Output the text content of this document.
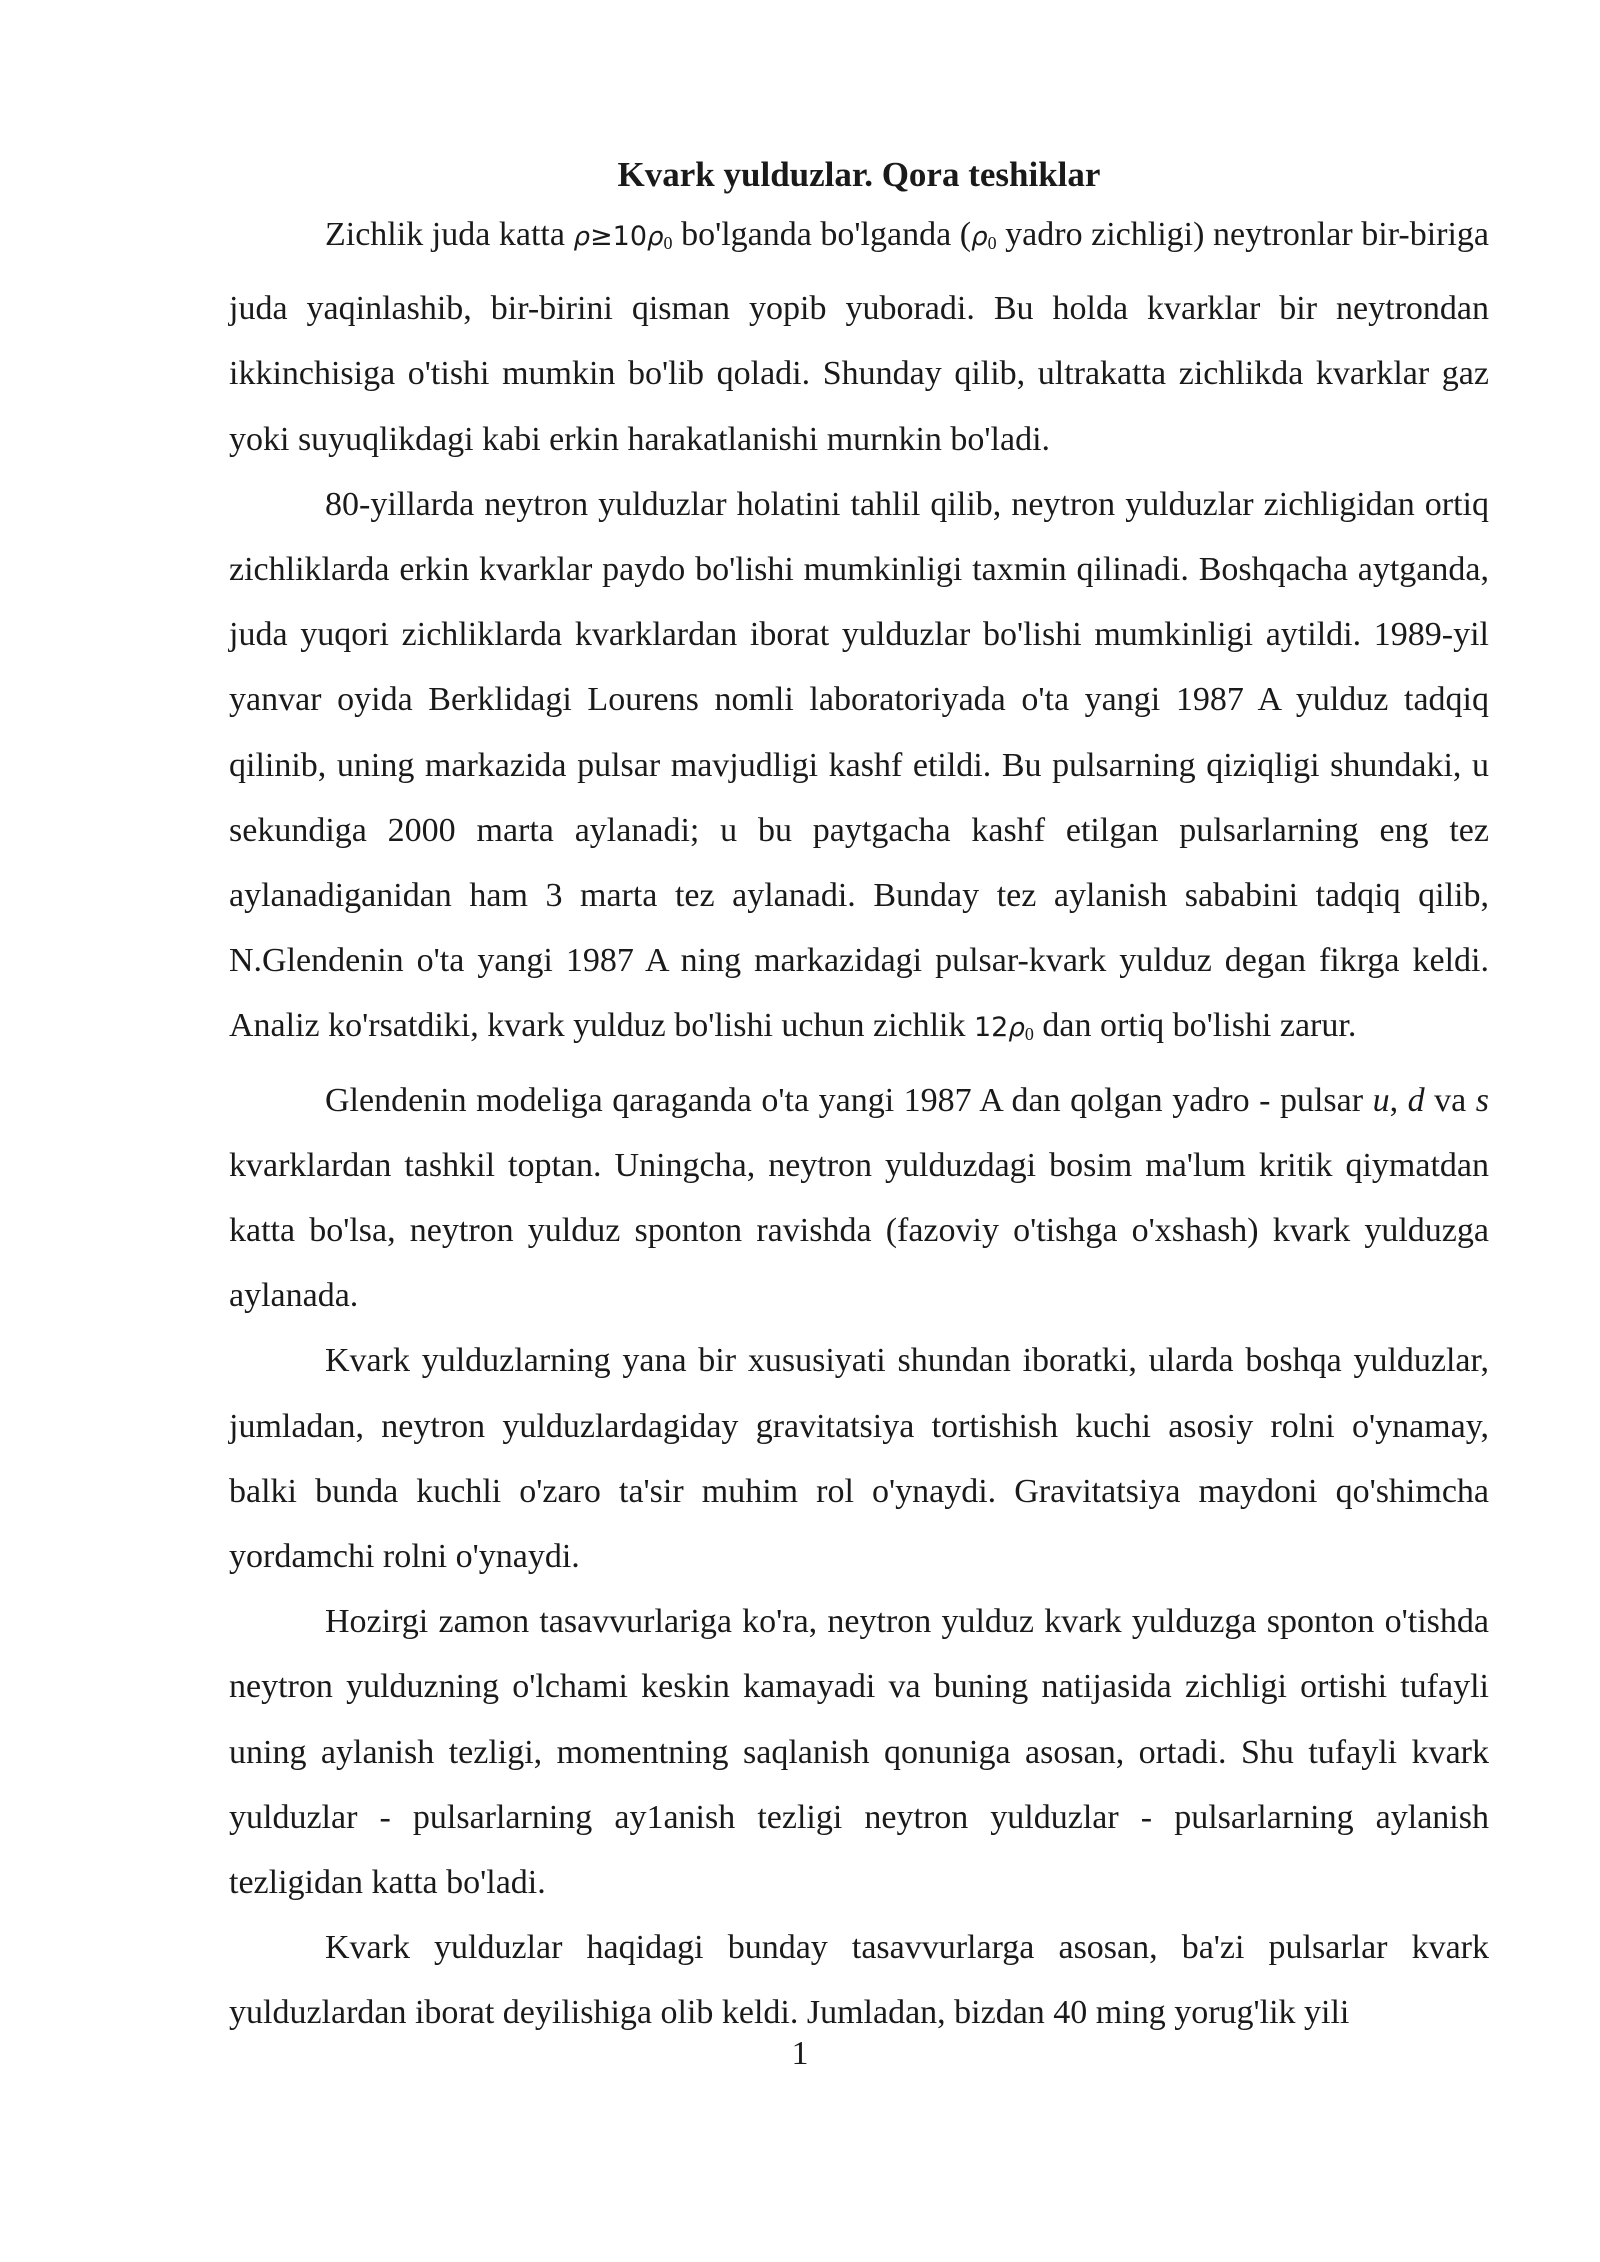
Kvark yulduzlar. Qora teshiklar

Zichlik juda katta $\rho\ge 10\rho_0$ bo'lganda bo'lganda ($\rho_0$ yadro zichligi) neytronlar bir-biriga juda yaqinlashib, bir-birini qisman yopib yuboradi. Bu holda kvarklar bir neytrondan ikkinchisiga o'tishi mumkin bo'lib qoladi. Shunday qilib, ultrakatta zichlikda kvarklar gaz yoki suyuqlikdagi kabi erkin harakatlanishi murnkin bo'ladi.

80-yillarda neytron yulduzlar holatini tahlil qilib, neytron yulduzlar zichligidan ortiq zichliklarda erkin kvarklar paydo bo'lishi mumkinligi taxmin qilinadi. Boshqacha aytganda, juda yuqori zichliklarda kvarklardan iborat yulduzlar bo'lishi mumkinligi aytildi. 1989-yil yanvar oyida Berklidagi Lourens nomli laboratoriyada o'ta yangi 1987 A yulduz tadqiq qilinib, uning markazida pulsar mavjudligi kashf etildi. Bu pulsarning qiziqligi shundaki, u sekundiga 2000 marta aylanadi; u bu paytgacha kashf etilgan pulsarlarning eng tez aylanadiganidan ham 3 marta tez aylanadi. Bunday tez aylanish sababini tadqiq qilib, N.Glendenin o'ta yangi 1987 A ning markazidagi pulsar-kvark yulduz degan fikrga keldi. Analiz ko'rsatdiki, kvark yulduz bo'lishi uchun zichlik $12\rho_0$ dan ortiq bo'lishi zarur.

Glendenin modeliga qaraganda o'ta yangi 1987 A dan qolgan yadro - pulsar u, d va s kvarklardan tashkil toptan. Uningcha, neytron yulduzdagi bosim ma'lum kritik qiymatdan katta bo'lsa, neytron yulduz sponton ravishda (fazoviy o'tishga o'xshash) kvark yulduzga aylanada.

Kvark yulduzlarning yana bir xususiyati shundan iboratki, ularda boshqa yulduzlar, jumladan, neytron yulduzlardagiday gravitatsiya tortishish kuchi asosiy rolni o'ynamay, balki bunda kuchli o'zaro ta'sir muhim rol o'ynaydi. Gravitatsiya maydoni qo'shimcha yordamchi rolni o'ynaydi.

Hozirgi zamon tasavvurlariga ko'ra, neytron yulduz kvark yulduzga sponton o'tishda neytron yulduzning o'lchami keskin kamayadi va buning natijasida zichligi ortishi tufayli uning aylanish tezligi, momentning saqlanish qonuniga asosan, ortadi. Shu tufayli kvark yulduzlar - pulsarlarning ay1anish tezligi neytron yulduzlar - pulsarlarning aylanish tezligidan katta bo'ladi.

Kvark yulduzlar haqidagi bunday tasavvurlarga asosan, ba'zi pulsarlar kvark yulduzlardan iborat deyilishiga olib keldi. Jumladan, bizdan 40 ming yorug'lik yili

1
